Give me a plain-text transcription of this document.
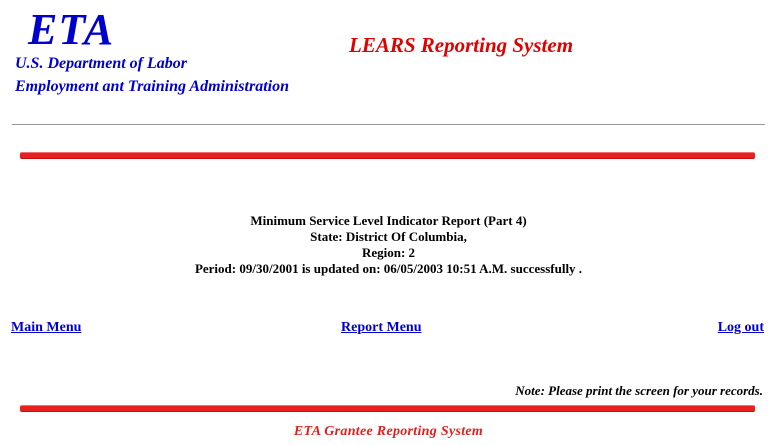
ETA
U.S. Department of Labor
Employment ant Training Administration
LEARS Reporting System
Minimum Service Level Indicator Report (Part 4)
State: District Of Columbia,
Region: 2
Period: 09/30/2001 is updated on: 06/05/2003 10:51 A.M. successfully .
Main Menu	Report Menu	Log out
Note: Please print the screen for your records.
ETA Grantee Reporting System
